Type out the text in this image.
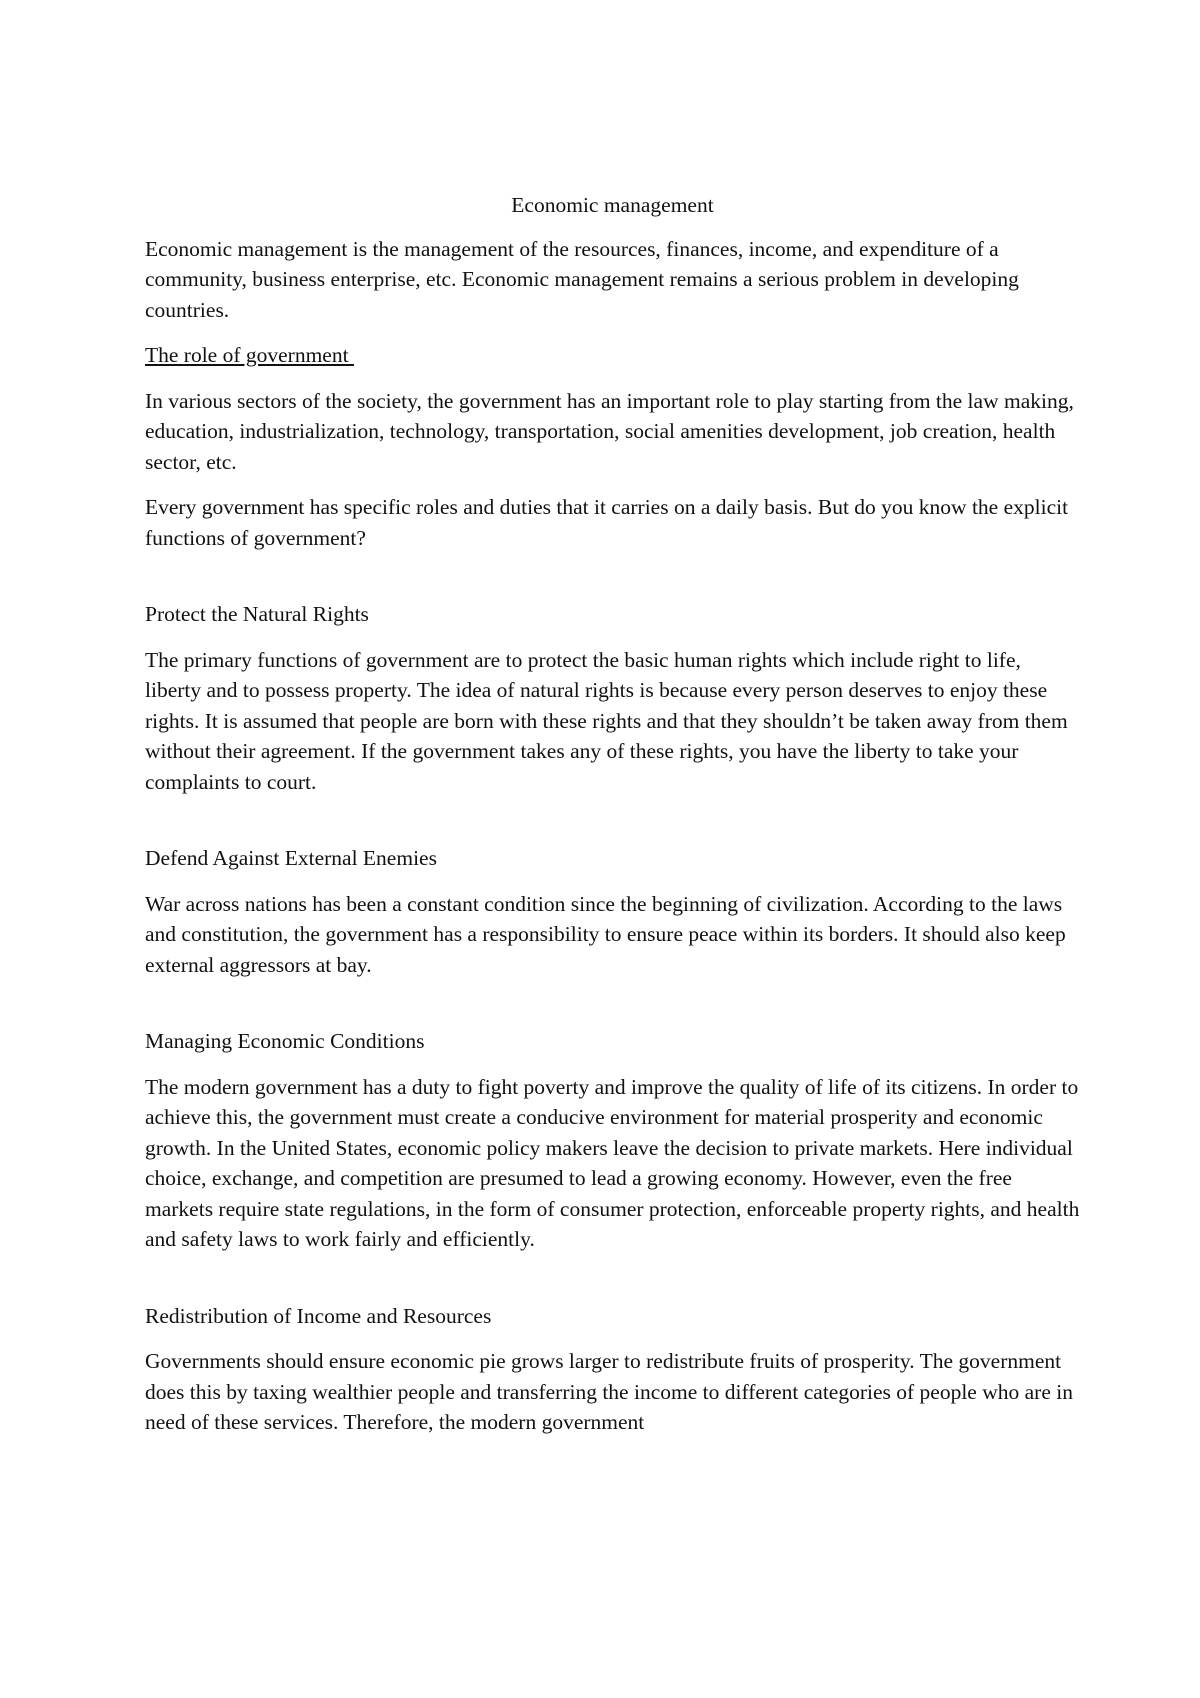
Economic management

Economic management is the management of the resources, finances, income, and expenditure of a community, business enterprise, etc. Economic management remains a serious problem in developing countries.

The role of government

In various sectors of the society, the government has an important role to play starting from the law making, education, industrialization, technology, transportation, social amenities development, job creation, health sector, etc.

Every government has specific roles and duties that it carries on a daily basis. But do you know the explicit functions of government?

Protect the Natural Rights

The primary functions of government are to protect the basic human rights which include right to life, liberty and to possess property. The idea of natural rights is because every person deserves to enjoy these rights. It is assumed that people are born with these rights and that they shouldn’t be taken away from them without their agreement. If the government takes any of these rights, you have the liberty to take your complaints to court.

Defend Against External Enemies

War across nations has been a constant condition since the beginning of civilization. According to the laws and constitution, the government has a responsibility to ensure peace within its borders. It should also keep external aggressors at bay.

Managing Economic Conditions

The modern government has a duty to fight poverty and improve the quality of life of its citizens. In order to achieve this, the government must create a conducive environment for material prosperity and economic growth. In the United States, economic policy makers leave the decision to private markets. Here individual choice, exchange, and competition are presumed to lead a growing economy. However, even the free markets require state regulations, in the form of consumer protection, enforceable property rights, and health and safety laws to work fairly and efficiently.

Redistribution of Income and Resources

Governments should ensure economic pie grows larger to redistribute fruits of prosperity. The government does this by taxing wealthier people and transferring the income to different categories of people who are in need of these services. Therefore, the modern government
